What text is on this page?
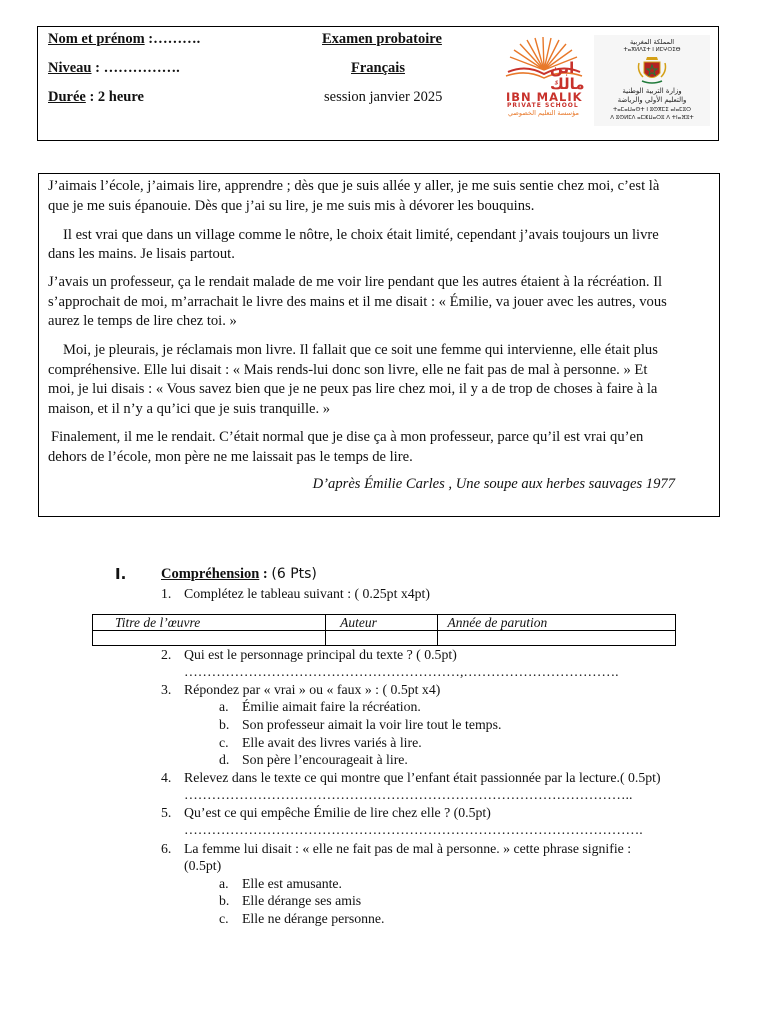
Nom et prénom :……….
Niveau : …………….
Durée : 2 heure
Examen probatoire
Français
session janvier 2025
ابن مالك
IBN MALIK
PRIVATE SCHOOL
مؤسسة التعليم الخصوصي
المملكة المغربية
ⵜⴰⴳⵍⴷⵉⵜ ⵏ ⵍⵎⵖⵔⵉⴱ
وزارة التربية الوطنية
والتعليم الأولي والرياضة
ⵜⴰⵎⴰⵡⴰⵙⵜ ⵏ ⵓⵙⴳⵎⵉ ⴰⵏⴰⵎⵓⵔ
ⴷ ⵓⵙⵍⵎⴷ ⴰⵎⵣⵡⴰⵔⵓ ⴷ ⵜⵏⴰⴼⵓⵜ
J’aimais l’école, j’aimais lire, apprendre ; dès que je suis allée y aller, je me suis sentie chez moi, c’est là
que je me suis épanouie. Dès que j’ai su lire, je me suis mis à dévorer les bouquins.
Il est vrai que dans un village comme le nôtre, le choix était limité, cependant j’avais toujours un livre
dans les mains. Je lisais partout.
J’avais un professeur, ça le rendait malade de me voir lire pendant que les autres étaient à la récréation. Il
s’approchait de moi, m’arrachait le livre des mains et il me disait : « Émilie, va jouer avec les autres, vous
aurez le temps de lire chez toi. »
Moi, je pleurais, je réclamais mon livre. Il fallait que ce soit une femme qui intervienne, elle était plus
compréhensive. Elle lui disait : « Mais rends-lui donc son livre, elle ne fait pas de mal à personne. » Et
moi, je lui disais : « Vous savez bien que je ne peux pas lire chez moi, il y a de trop de choses à faire à la
maison, et il n’y a qu’ici que je suis tranquille. »
Finalement, il me le rendait. C’était normal que je dise ça à mon professeur, parce qu’il est vrai qu’en
dehors de l’école, mon père ne me laissait pas le temps de lire.
D’après Émilie Carles , Une soupe aux herbes sauvages 1977
I. Compréhension : (6 Pts)
1. Complétez le tableau suivant : ( 0.25pt x4pt)
Titre de l’œuvre	Auteur	Année de parution

2. Qui est le personnage principal du texte ? ( 0.5pt)
……………………………………………………,…………………………….
3. Répondez par « vrai » ou « faux » : ( 0.5pt x4)
a. Émilie aimait faire la récréation.
b. Son professeur aimait la voir lire tout le temps.
c. Elle avait des livres variés à lire.
d. Son père l’encourageait à lire.
4. Relevez dans le texte ce qui montre que l’enfant était passionnée par la lecture.( 0.5pt)
……………………………………………………………………………………..
5. Qu’est ce qui empêche Émilie de lire chez elle ? (0.5pt)
……………………………………………………………………………………….
6. La femme lui disait : « elle ne fait pas de mal à personne. » cette phrase signifie :
(0.5pt)
a. Elle est amusante.
b. Elle dérange ses amis
c. Elle ne dérange personne.
